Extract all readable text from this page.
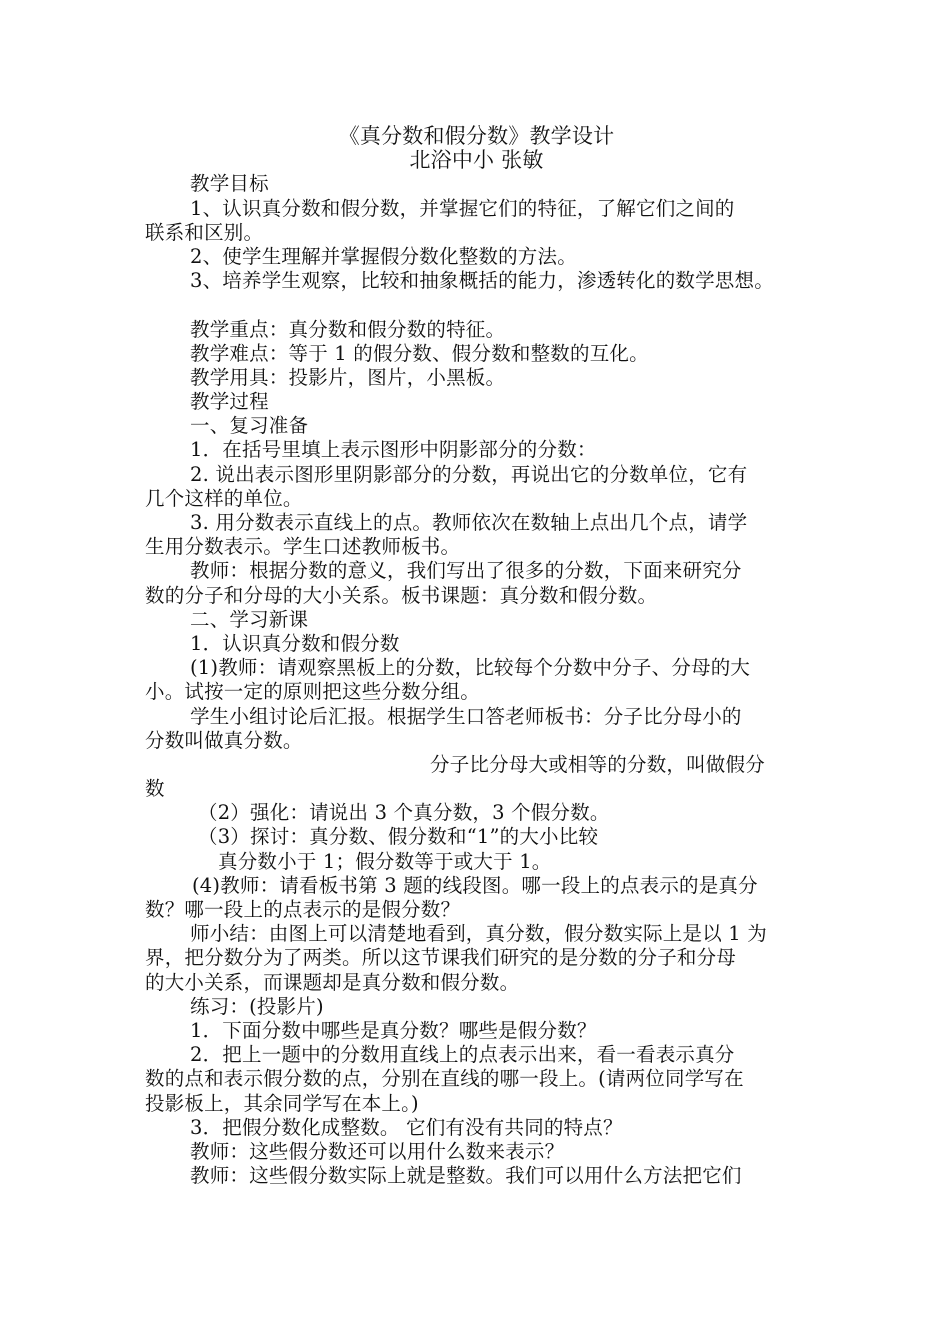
《真分数和假分数》教学设计
北浴中小 张敏
教学目标
1、认识真分数和假分数，并掌握它们的特征，了解它们之间的
联系和区别。
2、使学生理解并掌握假分数化整数的方法。
3、培养学生观察，比较和抽象概括的能力，渗透转化的数学思想。
教学重点：真分数和假分数的特征。
教学难点：等于 1 的假分数、假分数和整数的互化。
教学用具：投影片，图片，小黑板。
教学过程
一、复习准备
1．在括号里填上表示图形中阴影部分的分数：
2. 说出表示图形里阴影部分的分数，再说出它的分数单位，它有
几个这样的单位。
3. 用分数表示直线上的点。教师依次在数轴上点出几个点，请学
生用分数表示。学生口述教师板书。
教师：根据分数的意义，我们写出了很多的分数，下面来研究分
数的分子和分母的大小关系。板书课题：真分数和假分数。
二、学习新课
1．认识真分数和假分数
(1)教师：请观察黑板上的分数，比较每个分数中分子、分母的大
小。试按一定的原则把这些分数分组。
学生小组讨论后汇报。根据学生口答老师板书：分子比分母小的
分数叫做真分数。
分子比分母大或相等的分数，叫做假分
数
（2）强化：请说出 3 个真分数，3 个假分数。
（3）探讨：真分数、假分数和“1”的大小比较
真分数小于 1；假分数等于或大于 1。
(4)教师：请看板书第 3 题的线段图。哪一段上的点表示的是真分
数？哪一段上的点表示的是假分数？
师小结：由图上可以清楚地看到，真分数，假分数实际上是以 1 为
界，把分数分为了两类。所以这节课我们研究的是分数的分子和分母
的大小关系，而课题却是真分数和假分数。
练习：(投影片)
1．下面分数中哪些是真分数？哪些是假分数？
2．把上一题中的分数用直线上的点表示出来，看一看表示真分
数的点和表示假分数的点，分别在直线的哪一段上。(请两位同学写在
投影板上，其余同学写在本上。)
3．把假分数化成整数。 它们有没有共同的特点？
教师：这些假分数还可以用什么数来表示？
教师：这些假分数实际上就是整数。我们可以用什么方法把它们
